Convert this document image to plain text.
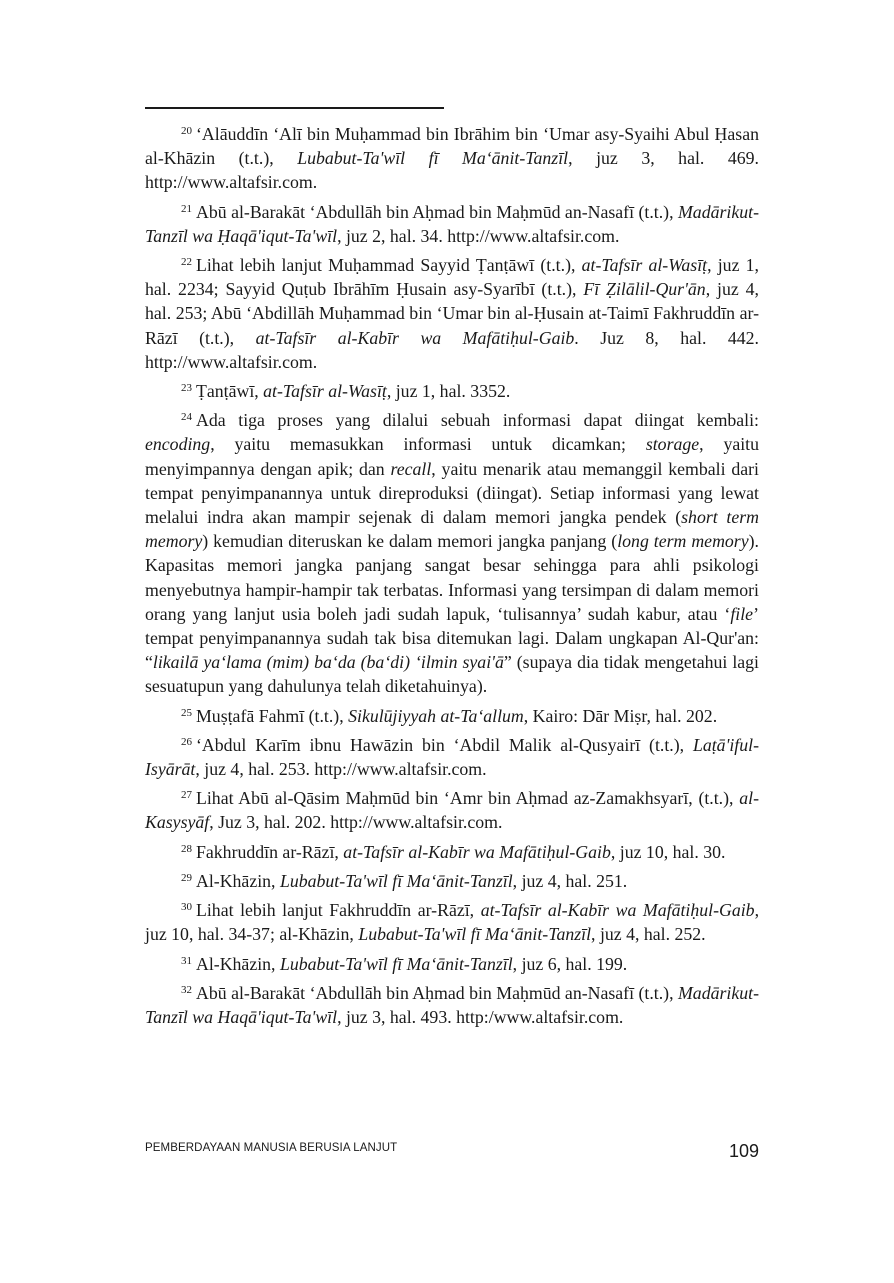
$^{20}$ ‘Alāuddīn ‘Alī bin Muḥammad bin Ibrāhim bin ‘Umar asy-Syaihi Abul Ḥasan al-Khāzin (t.t.), Lubabut-Ta'wīl fī Ma‘ānit-Tanzīl, juz 3, hal. 469. http://www.altafsir.com.

$^{21}$ Abū al-Barakāt ‘Abdullāh bin Aḥmad bin Maḥmūd an-Nasafī (t.t.), Madārikut-Tanzīl wa Ḥaqā'iqut-Ta'wīl, juz 2, hal. 34. http://www.altafsir.com.

$^{22}$ Lihat lebih lanjut Muḥammad Sayyid Ṭanṭāwī (t.t.), at-Tafsīr al-Wasīṭ, juz 1, hal. 2234; Sayyid Quṭub Ibrāhīm Ḥusain asy-Syarībī (t.t.), Fī Ẓilālil-Qur'ān, juz 4, hal. 253; Abū ‘Abdillāh Muḥammad bin ‘Umar bin al-Ḥusain at-Taimī Fakhruddīn ar-Rāzī (t.t.), at-Tafsīr al-Kabīr wa Mafātiḥul-Gaib. Juz 8, hal. 442. http://www.altafsir.com.

$^{23}$ Ṭanṭāwī, at-Tafsīr al-Wasīṭ, juz 1, hal. 3352.

$^{24}$ Ada tiga proses yang dilalui sebuah informasi dapat diingat kembali: encoding, yaitu memasukkan informasi untuk dicamkan; storage, yaitu menyimpannya dengan apik; dan recall, yaitu menarik atau memanggil kembali dari tempat penyimpanannya untuk direproduksi (diingat). Setiap informasi yang lewat melalui indra akan mampir sejenak di dalam memori jangka pendek (short term memory) kemudian diteruskan ke dalam memori jangka panjang (long term memory). Kapasitas memori jangka panjang sangat besar sehingga para ahli psikologi menyebutnya hampir-hampir tak terbatas. Informasi yang tersimpan di dalam memori orang yang lanjut usia boleh jadi sudah lapuk, ‘tulisannya’ sudah kabur, atau ‘file’ tempat penyimpanannya sudah tak bisa ditemukan lagi. Dalam ungkapan Al-Qur'an: “likailā ya‘lama (mim) ba‘da (ba‘di) ‘ilmin syai'ā” (supaya dia tidak mengetahui lagi sesuatupun yang dahulunya telah diketahuinya).

$^{25}$ Muṣṭafā Fahmī (t.t.), Sikulūjiyyah at-Ta‘allum, Kairo: Dār Miṣr, hal. 202.

$^{26}$ ‘Abdul Karīm ibnu Hawāzin bin ‘Abdil Malik al-Qusyairī (t.t.), Laṭā'iful-Isyārāt, juz 4, hal. 253. http://www.altafsir.com.

$^{27}$ Lihat Abū al-Qāsim Maḥmūd bin ‘Amr bin Aḥmad az-Zamakhsyarī, (t.t.), al-Kasysyāf, Juz 3, hal. 202. http://www.altafsir.com.

$^{28}$ Fakhruddīn ar-Rāzī, at-Tafsīr al-Kabīr wa Mafātiḥul-Gaib, juz 10, hal. 30.

$^{29}$ Al-Khāzin, Lubabut-Ta'wīl fī Ma‘ānit-Tanzīl, juz 4, hal. 251.

$^{30}$ Lihat lebih lanjut Fakhruddīn ar-Rāzī, at-Tafsīr al-Kabīr wa Mafātiḥul-Gaib, juz 10, hal. 34-37; al-Khāzin, Lubabut-Ta'wīl fī Ma‘ānit-Tanzīl, juz 4, hal. 252.

$^{31}$ Al-Khāzin, Lubabut-Ta'wīl fī Ma‘ānit-Tanzīl, juz 6, hal. 199.

$^{32}$ Abū al-Barakāt ‘Abdullāh bin Aḥmad bin Maḥmūd an-Nasafī (t.t.), Madārikut-Tanzīl wa Haqā'iqut-Ta'wīl, juz 3, hal. 493. http:/www.altafsir.com.

PEMBERDAYAAN MANUSIA BERUSIA LANJUT	109
